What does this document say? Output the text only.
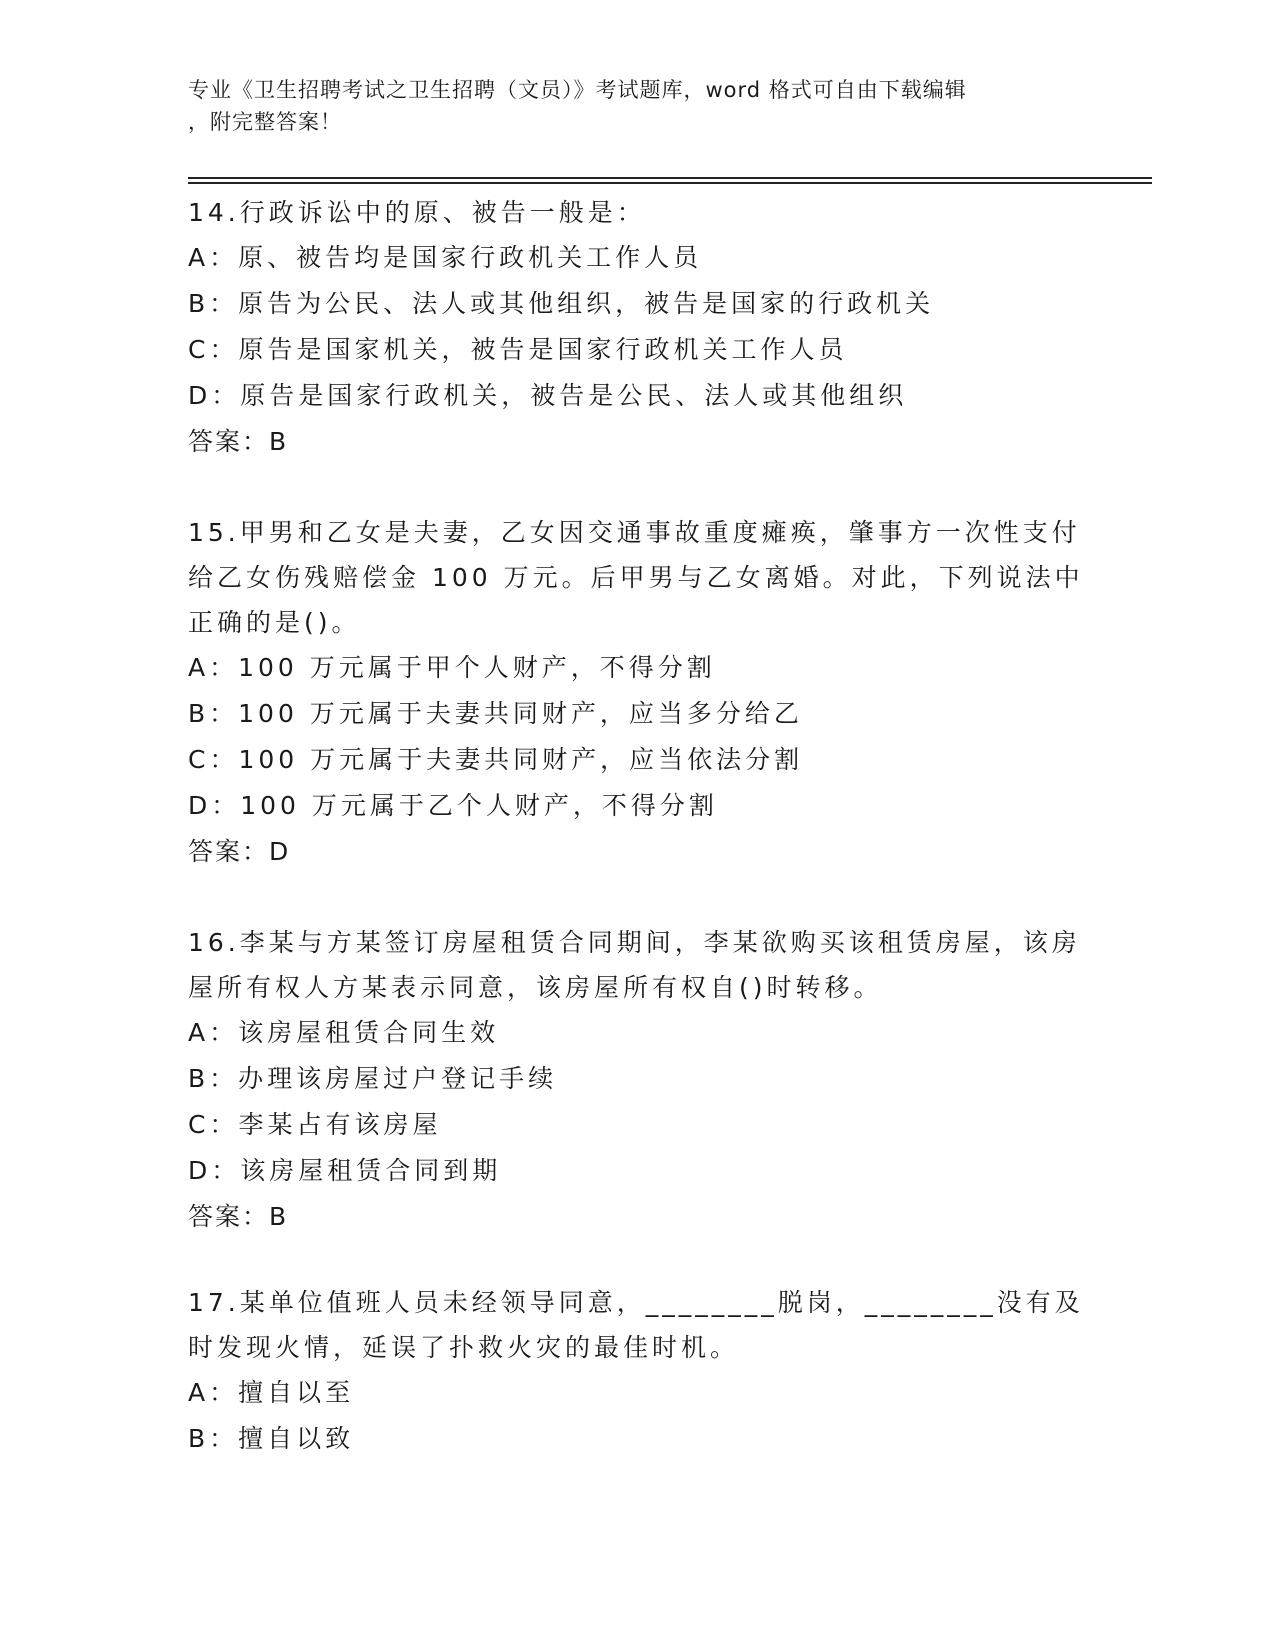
专业《卫生招聘考试之卫生招聘（文员）》考试题库，word 格式可自由下载编辑
，附完整答案！
14.行政诉讼中的原、被告一般是：
A：原、被告均是国家行政机关工作人员
B：原告为公民、法人或其他组织，被告是国家的行政机关
C：原告是国家机关，被告是国家行政机关工作人员
D：原告是国家行政机关，被告是公民、法人或其他组织
答案：B
15.甲男和乙女是夫妻，乙女因交通事故重度瘫痪，肇事方一次性支付给乙女伤残赔偿金 100 万元。后甲男与乙女离婚。对此，下列说法中正确的是()。
A：100 万元属于甲个人财产，不得分割
B：100 万元属于夫妻共同财产，应当多分给乙
C：100 万元属于夫妻共同财产，应当依法分割
D：100 万元属于乙个人财产，不得分割
答案：D
16.李某与方某签订房屋租赁合同期间，李某欲购买该租赁房屋，该房屋所有权人方某表示同意，该房屋所有权自()时转移。
A：该房屋租赁合同生效
B：办理该房屋过户登记手续
C：李某占有该房屋
D：该房屋租赁合同到期
答案：B
17.某单位值班人员未经领导同意，________脱岗，________没有及时发现火情，延误了扑救火灾的最佳时机。
A：擅自以至
B：擅自以致
